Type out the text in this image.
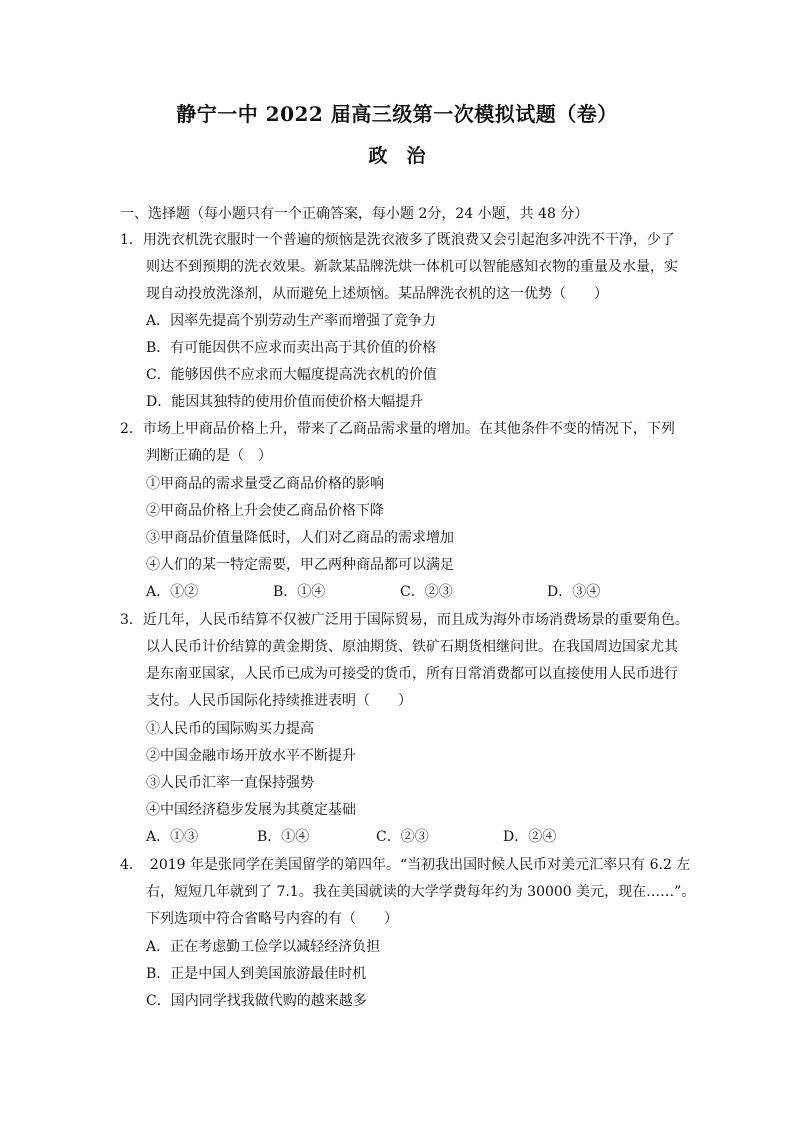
静宁一中 2022 届高三级第一次模拟试题（卷）
政　治
一、选择题（每小题只有一个正确答案，每小题 2分，24 小题，共 48 分）
1．用洗衣机洗衣服时一个普遍的烦恼是洗衣液多了既浪费又会引起泡多冲洗不干净，少了
则达不到预期的洗衣效果。新款某品牌洗烘一体机可以智能感知衣物的重量及水量，实
现自动投放洗涤剂，从而避免上述烦恼。某品牌洗衣机的这一优势（　　）
A．因率先提高个别劳动生产率而增强了竞争力
B．有可能因供不应求而卖出高于其价值的价格
C．能够因供不应求而大幅度提高洗衣机的价值
D．能因其独特的使用价值而使价格大幅提升
2．市场上甲商品价格上升，带来了乙商品需求量的增加。在其他条件不变的情况下，下列
判断正确的是（　）
①甲商品的需求量受乙商品价格的影响
②甲商品价格上升会使乙商品价格下降
③甲商品价值量降低时，人们对乙商品的需求增加
④人们的某一特定需要，甲乙两种商品都可以满足
A．①②	B．①④	C．②③	D．③④
3．近几年，人民币结算不仅被广泛用于国际贸易，而且成为海外市场消费场景的重要角色。
以人民币计价结算的黄金期货、原油期货、铁矿石期货相继问世。在我国周边国家尤其
是东南亚国家，人民币已成为可接受的货币，所有日常消费都可以直接使用人民币进行
支付。人民币国际化持续推进表明（　　）
①人民币的国际购买力提高
②中国金融市场开放水平不断提升
③人民币汇率一直保持强势
④中国经济稳步发展为其奠定基础
A．①③	B．①④	C．②③	D．②④
4．　2019 年是张同学在美国留学的第四年。“当初我出国时候人民币对美元汇率只有 6.2 左
右，短短几年就到了 7.1。我在美国就读的大学学费每年约为 30000 美元，现在……”。
下列选项中符合省略号内容的有（　　）
A．正在考虑勤工俭学以减轻经济负担
B．正是中国人到美国旅游最佳时机
C．国内同学找我做代购的越来越多
